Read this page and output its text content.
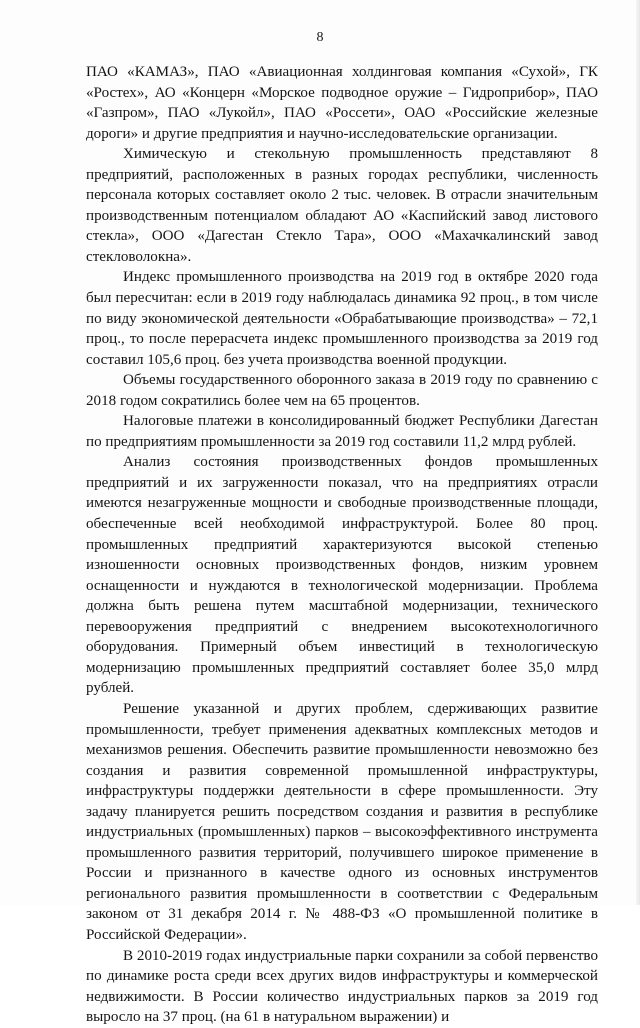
8

ПАО «КАМАЗ», ПАО «Авиационная холдинговая компания «Сухой», ГК «Ростех», АО «Концерн «Морское подводное оружие – Гидроприбор», ПАО «Газпром», ПАО «Лукойл», ПАО «Россети», ОАО «Российские железные дороги» и другие предприятия и научно-исследовательские организации.

Химическую и стекольную промышленность представляют 8 предприятий, расположенных в разных городах республики, численность персонала которых составляет около 2 тыс. человек. В отрасли значительным производственным потенциалом обладают АО «Каспийский завод листового стекла», ООО «Дагестан Стекло Тара», ООО «Махачкалинский завод стекловолокна».

Индекс промышленного производства на 2019 год в октябре 2020 года был пересчитан: если в 2019 году наблюдалась динамика 92 проц., в том числе по виду экономической деятельности «Обрабатывающие производства» – 72,1 проц., то после перерасчета индекс промышленного производства за 2019 год составил 105,6 проц. без учета производства военной продукции.

Объемы государственного оборонного заказа в 2019 году по сравнению с 2018 годом сократились более чем на 65 процентов.

Налоговые платежи в консолидированный бюджет Республики Дагестан по предприятиям промышленности за 2019 год составили 11,2 млрд рублей.

Анализ состояния производственных фондов промышленных предприятий и их загруженности показал, что на предприятиях отрасли имеются незагруженные мощности и свободные производственные площади, обеспеченные всей необходимой инфраструктурой. Более 80 проц. промышленных предприятий характеризуются высокой степенью изношенности основных производственных фондов, низким уровнем оснащенности и нуждаются в технологической модернизации. Проблема должна быть решена путем масштабной модернизации, технического перевооружения предприятий с внедрением высокотехнологичного оборудования. Примерный объем инвестиций в технологическую модернизацию промышленных предприятий составляет более 35,0 млрд рублей.

Решение указанной и других проблем, сдерживающих развитие промышленности, требует применения адекватных комплексных методов и механизмов решения. Обеспечить развитие промышленности невозможно без создания и развития современной промышленной инфраструктуры, инфраструктуры поддержки деятельности в сфере промышленности. Эту задачу планируется решить посредством создания и развития в республике индустриальных (промышленных) парков – высокоэффективного инструмента промышленного развития территорий, получившего широкое применение в России и признанного в качестве одного из основных инструментов регионального развития промышленности в соответствии с Федеральным законом от 31 декабря 2014 г. № 488-ФЗ «О промышленной политике в Российской Федерации».

В 2010-2019 годах индустриальные парки сохранили за собой первенство по динамике роста среди всех других видов инфраструктуры и коммерческой недвижимости. В России количество индустриальных парков за 2019 год выросло на 37 проц. (на 61 в натуральном выражении) и
